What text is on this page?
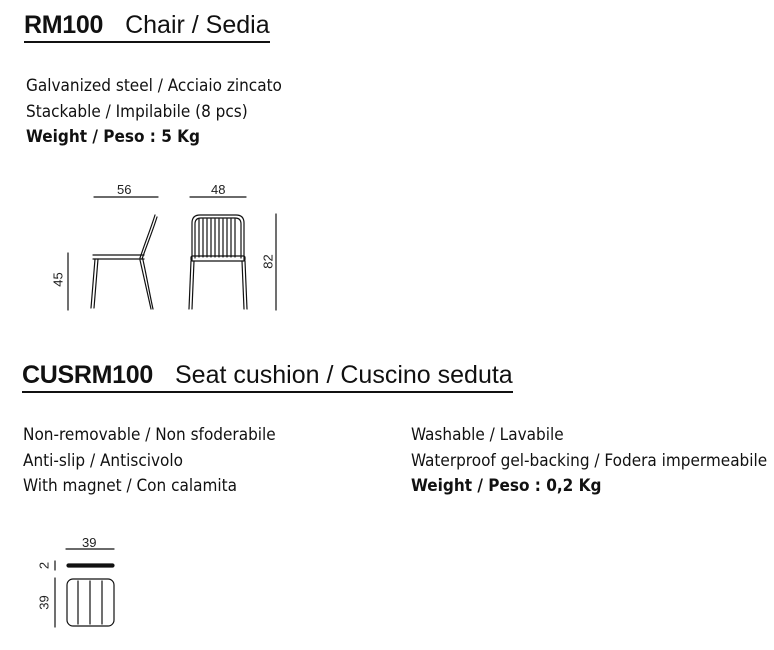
RM100 Chair / Sedia
Galvanized steel / Acciaio zincato
Stackable / Impilabile (8 pcs)
Weight / Peso : 5 Kg
56	48
45
82
CUSRM100 Seat cushion / Cuscino seduta
Non-removable / Non sfoderabile
Anti-slip / Antiscivolo
With magnet / Con calamita
Washable / Lavabile
Waterproof gel-backing / Fodera impermeabile
Weight / Peso : 0,2 Kg
39
2
39
